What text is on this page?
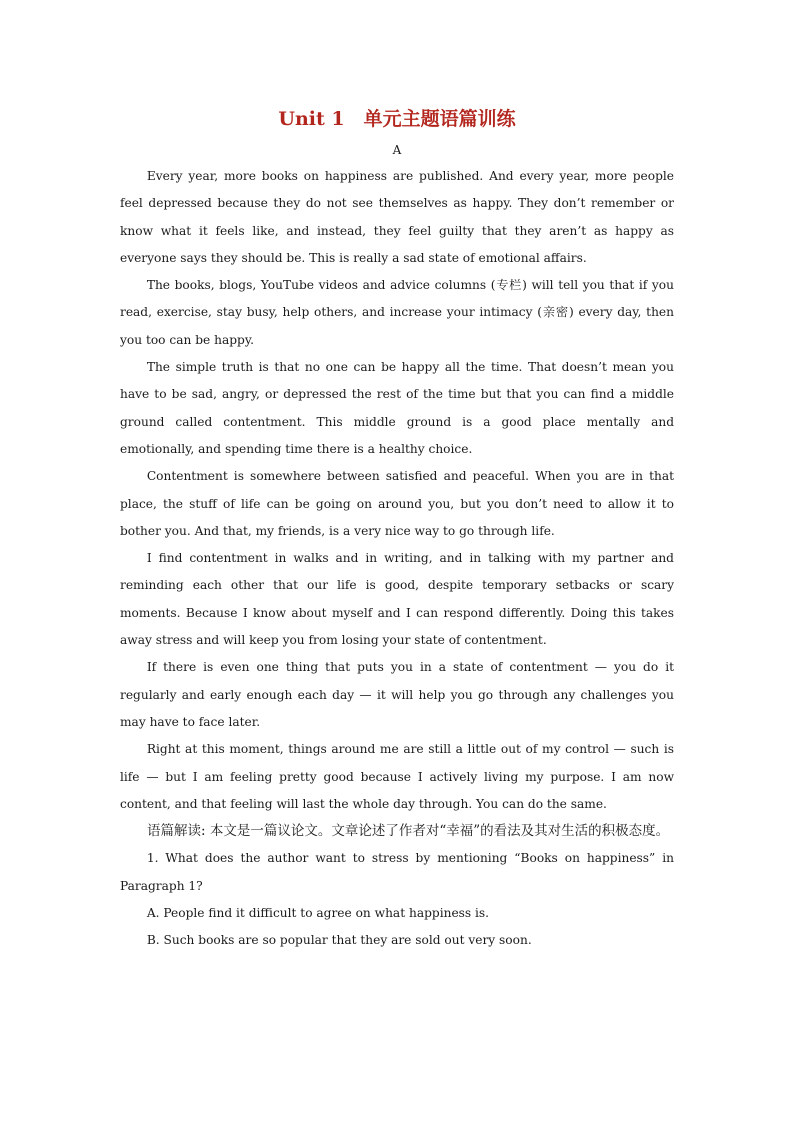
Unit 1　单元主题语篇训练
A

Every year, more books on happiness are published. And every year, more people feel depressed because they do not see themselves as happy. They don’t remember or know what it feels like, and instead, they feel guilty that they aren’t as happy as everyone says they should be. This is really a sad state of emotional affairs.

The books, blogs, YouTube videos and advice columns (专栏) will tell you that if you read, exercise, stay busy, help others, and increase your intimacy (亲密) every day, then you too can be happy.

The simple truth is that no one can be happy all the time. That doesn’t mean you have to be sad, angry, or depressed the rest of the time but that you can find a middle ground called contentment. This middle ground is a good place mentally and emotionally, and spending time there is a healthy choice.

Contentment is somewhere between satisfied and peaceful. When you are in that place, the stuff of life can be going on around you, but you don’t need to allow it to bother you. And that, my friends, is a very nice way to go through life.

I find contentment in walks and in writing, and in talking with my partner and reminding each other that our life is good, despite temporary setbacks or scary moments. Because I know about myself and I can respond differently. Doing this takes away stress and will keep you from losing your state of contentment.

If there is even one thing that puts you in a state of contentment — you do it regularly and early enough each day — it will help you go through any challenges you may have to face later.

Right at this moment, things around me are still a little out of my control — such is life — but I am feeling pretty good because I actively living my purpose. I am now content, and that feeling will last the whole day through. You can do the same.

语篇解读: 本文是一篇议论文。文章论述了作者对“幸福”的看法及其对生活的积极态度。

1. What does the author want to stress by mentioning “Books on happiness” in Paragraph 1?

A. People find it difficult to agree on what happiness is.

B. Such books are so popular that they are sold out very soon.
